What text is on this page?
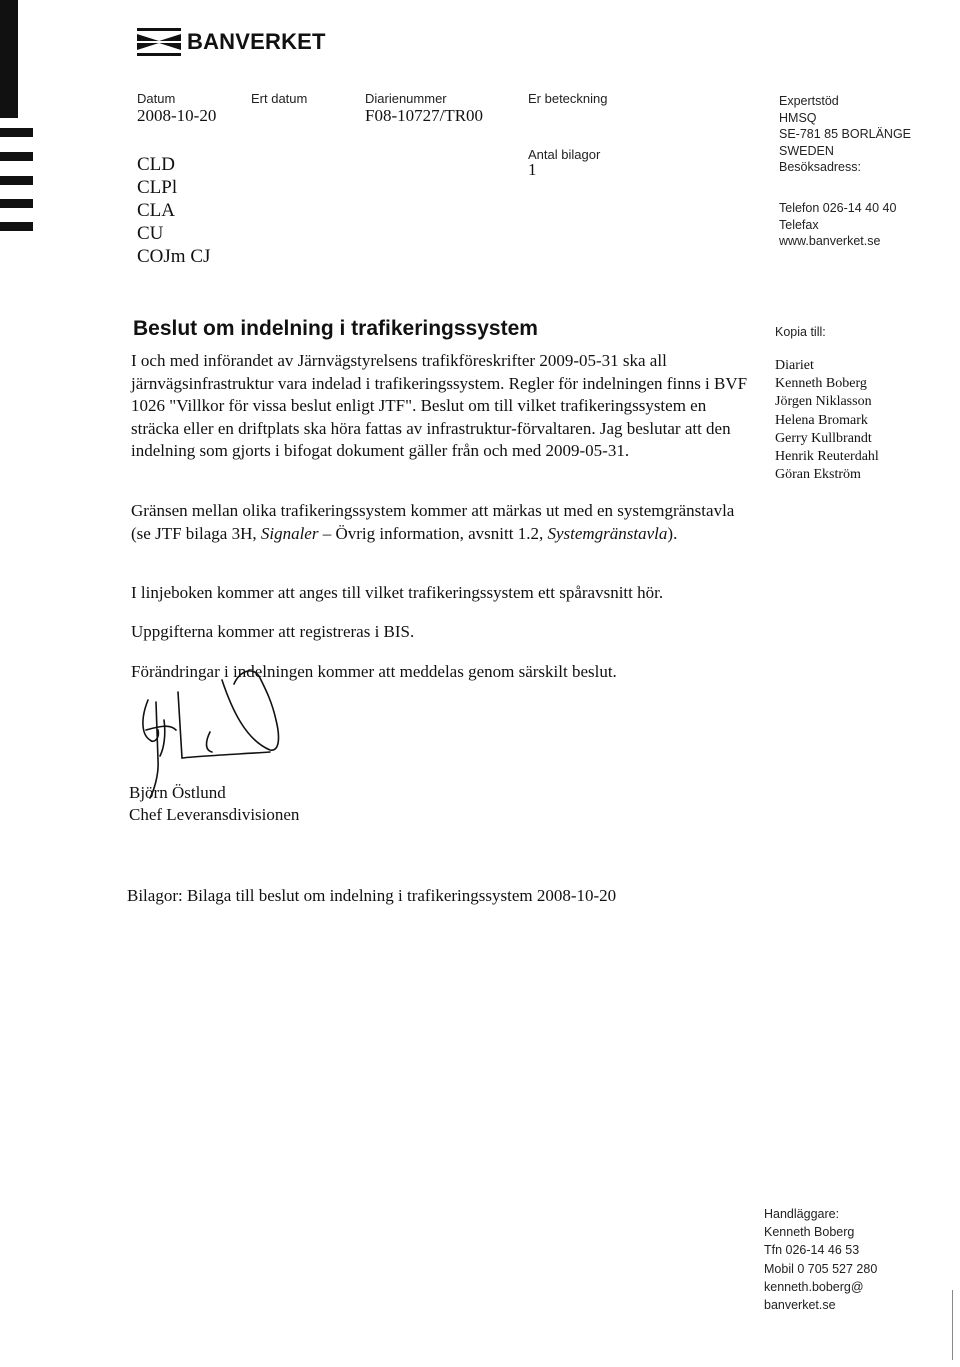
BANVERKET
Datum
2008-10-20
Ert datum	Diarienummer
F08-10727/TR00
Er beteckning
Antal bilagor
1
CLD
CLPl
CLA
CU
COJm CJ
Expertstöd
HMSQ
SE-781 85 BORLÄNGE
SWEDEN
Besöksadress:
Telefon 026-14 40 40
Telefax
www.banverket.se
Beslut om indelning i trafikeringssystem
I och med införandet av Järnvägstyrelsens trafikföreskrifter 2009-05-31 ska all järnvägsinfrastruktur vara indelad i trafikeringssystem. Regler för indelningen finns i BVF 1026 "Villkor för vissa beslut enligt JTF". Beslut om till vilket trafikeringssystem en sträcka eller en driftplats ska höra fattas av infrastruktur-förvaltaren. Jag beslutar att den indelning som gjorts i bifogat dokument gäller från och med 2009-05-31.
Gränsen mellan olika trafikeringssystem kommer att märkas ut med en systemgränstavla (se JTF bilaga 3H, Signaler – Övrig information, avsnitt 1.2, Systemgränstavla).
I linjeboken kommer att anges till vilket trafikeringssystem ett spåravsnitt hör.
Uppgifterna kommer att registreras i BIS.
Förändringar i indelningen kommer att meddelas genom särskilt beslut.
Kopia till:
Diariet
Kenneth Boberg
Jörgen Niklasson
Helena Bromark
Gerry Kullbrandt
Henrik Reuterdahl
Göran Ekström
Björn Östlund
Chef Leveransdivisionen
Bilagor: Bilaga till beslut om indelning i trafikeringssystem 2008-10-20
Handläggare:
Kenneth Boberg
Tfn 026-14 46 53
Mobil 0 705 527 280
kenneth.boberg@
banverket.se
